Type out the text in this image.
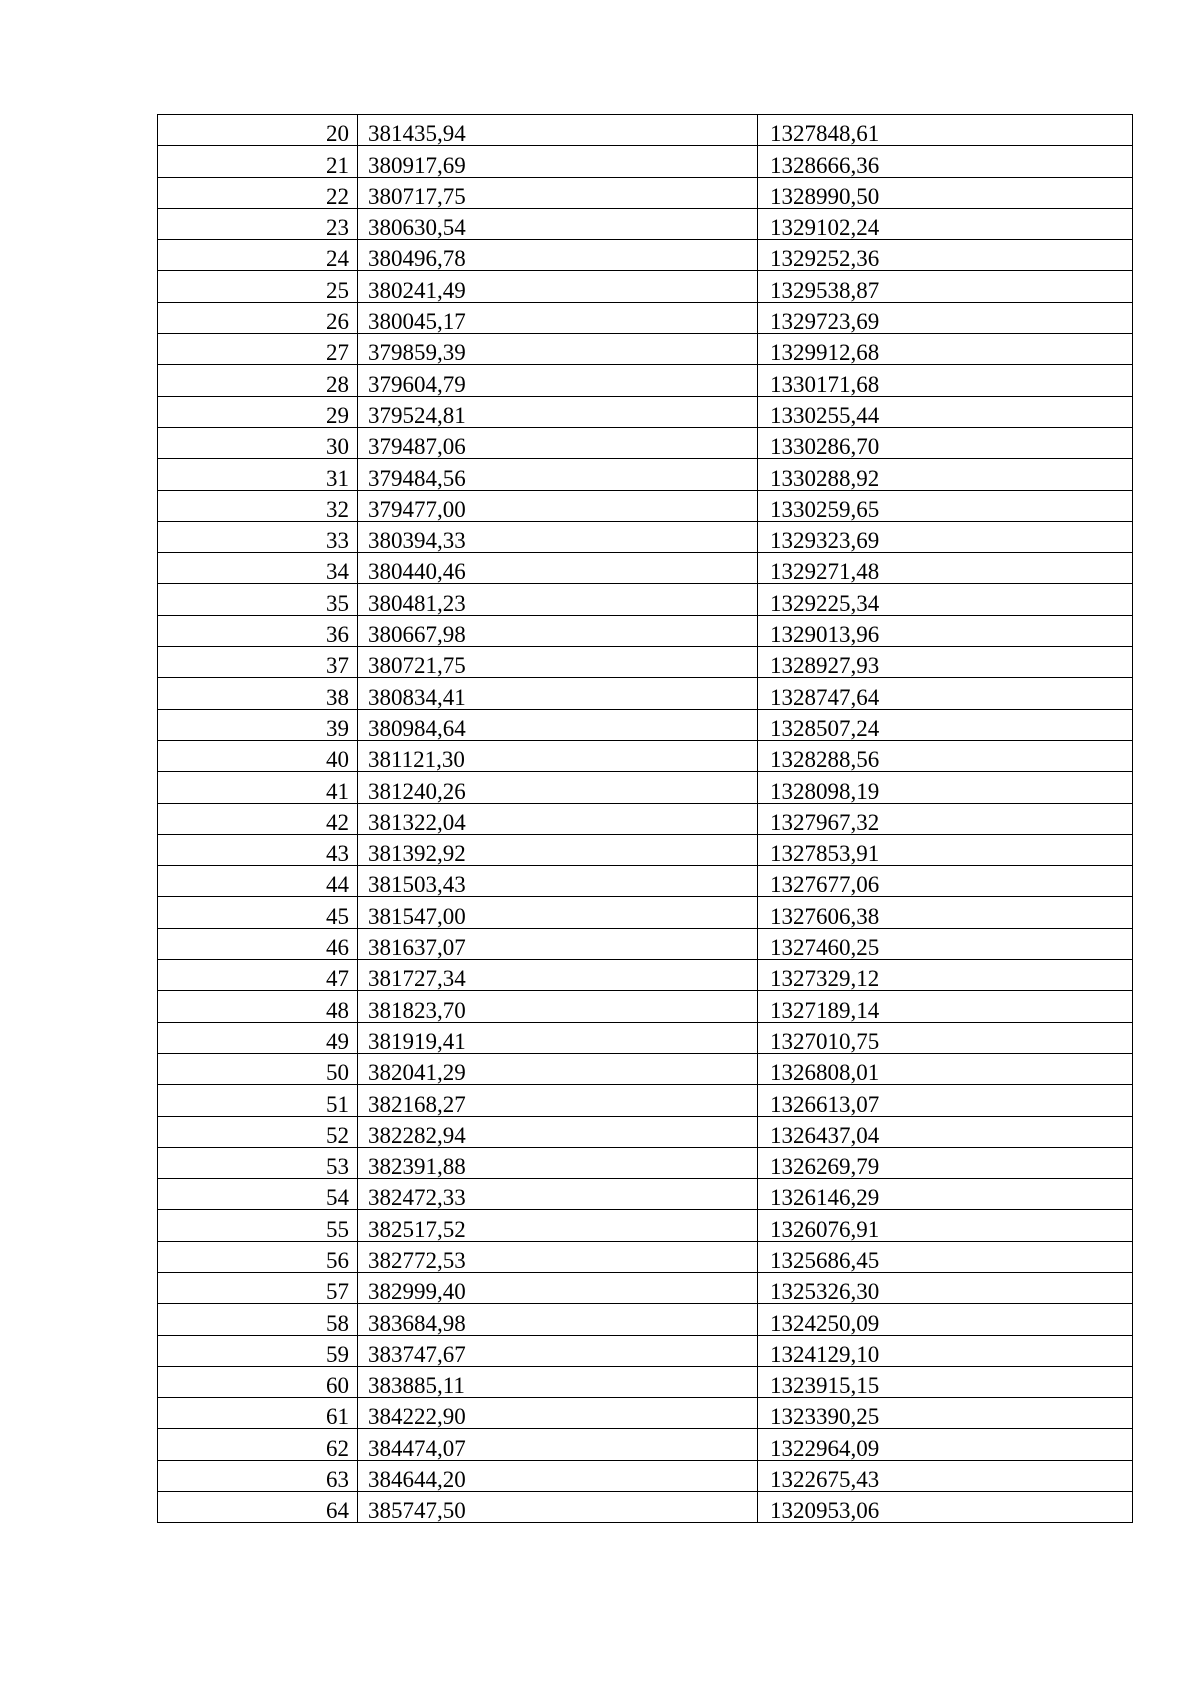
20	381435,94	1327848,61
21	380917,69	1328666,36
22	380717,75	1328990,50
23	380630,54	1329102,24
24	380496,78	1329252,36
25	380241,49	1329538,87
26	380045,17	1329723,69
27	379859,39	1329912,68
28	379604,79	1330171,68
29	379524,81	1330255,44
30	379487,06	1330286,70
31	379484,56	1330288,92
32	379477,00	1330259,65
33	380394,33	1329323,69
34	380440,46	1329271,48
35	380481,23	1329225,34
36	380667,98	1329013,96
37	380721,75	1328927,93
38	380834,41	1328747,64
39	380984,64	1328507,24
40	381121,30	1328288,56
41	381240,26	1328098,19
42	381322,04	1327967,32
43	381392,92	1327853,91
44	381503,43	1327677,06
45	381547,00	1327606,38
46	381637,07	1327460,25
47	381727,34	1327329,12
48	381823,70	1327189,14
49	381919,41	1327010,75
50	382041,29	1326808,01
51	382168,27	1326613,07
52	382282,94	1326437,04
53	382391,88	1326269,79
54	382472,33	1326146,29
55	382517,52	1326076,91
56	382772,53	1325686,45
57	382999,40	1325326,30
58	383684,98	1324250,09
59	383747,67	1324129,10
60	383885,11	1323915,15
61	384222,90	1323390,25
62	384474,07	1322964,09
63	384644,20	1322675,43
64	385747,50	1320953,06
